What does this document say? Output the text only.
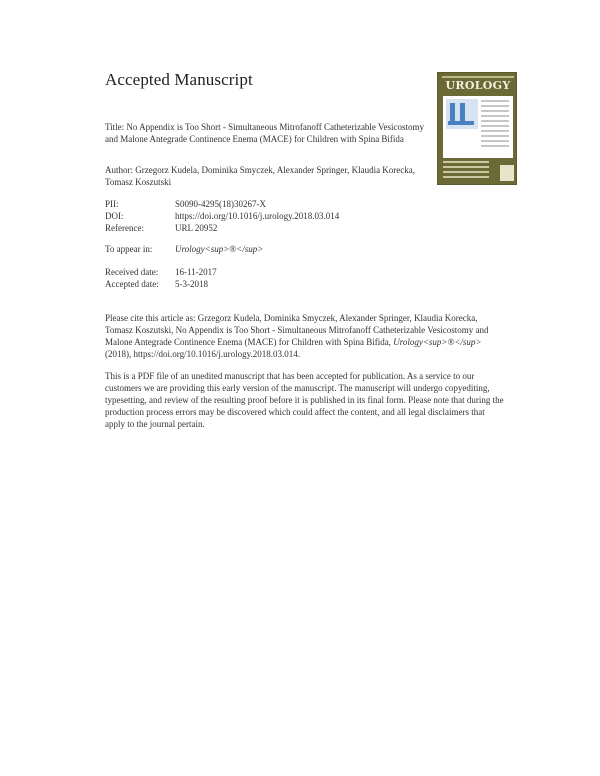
Accepted Manuscript
Title: No Appendix is Too Short - Simultaneous Mitrofanoff Catheterizable Vesicostomy and Malone Antegrade Continence Enema (MACE) for Children with Spina Bifida
Author: Grzegorz Kudela, Dominika Smyczek, Alexander Springer, Klaudia Korecka, Tomasz Koszutski
PII:	S0090-4295(18)30267-X
DOI:	https://doi.org/10.1016/j.urology.2018.03.014
Reference:	URL 20952
To appear in:	Urology<sup>®</sup>
Received date: 16-11-2017
Accepted date: 5-3-2018
Please cite this article as: Grzegorz Kudela, Dominika Smyczek, Alexander Springer, Klaudia Korecka, Tomasz Koszutski, No Appendix is Too Short - Simultaneous Mitrofanoff Catheterizable Vesicostomy and Malone Antegrade Continence Enema (MACE) for Children with Spina Bifida, Urology<sup>®</sup> (2018), https://doi.org/10.1016/j.urology.2018.03.014.
This is a PDF file of an unedited manuscript that has been accepted for publication. As a service to our customers we are providing this early version of the manuscript. The manuscript will undergo copyediting, typesetting, and review of the resulting proof before it is published in its final form. Please note that during the production process errors may be discovered which could affect the content, and all legal disclaimers that apply to the journal pertain.
UROLOGY
